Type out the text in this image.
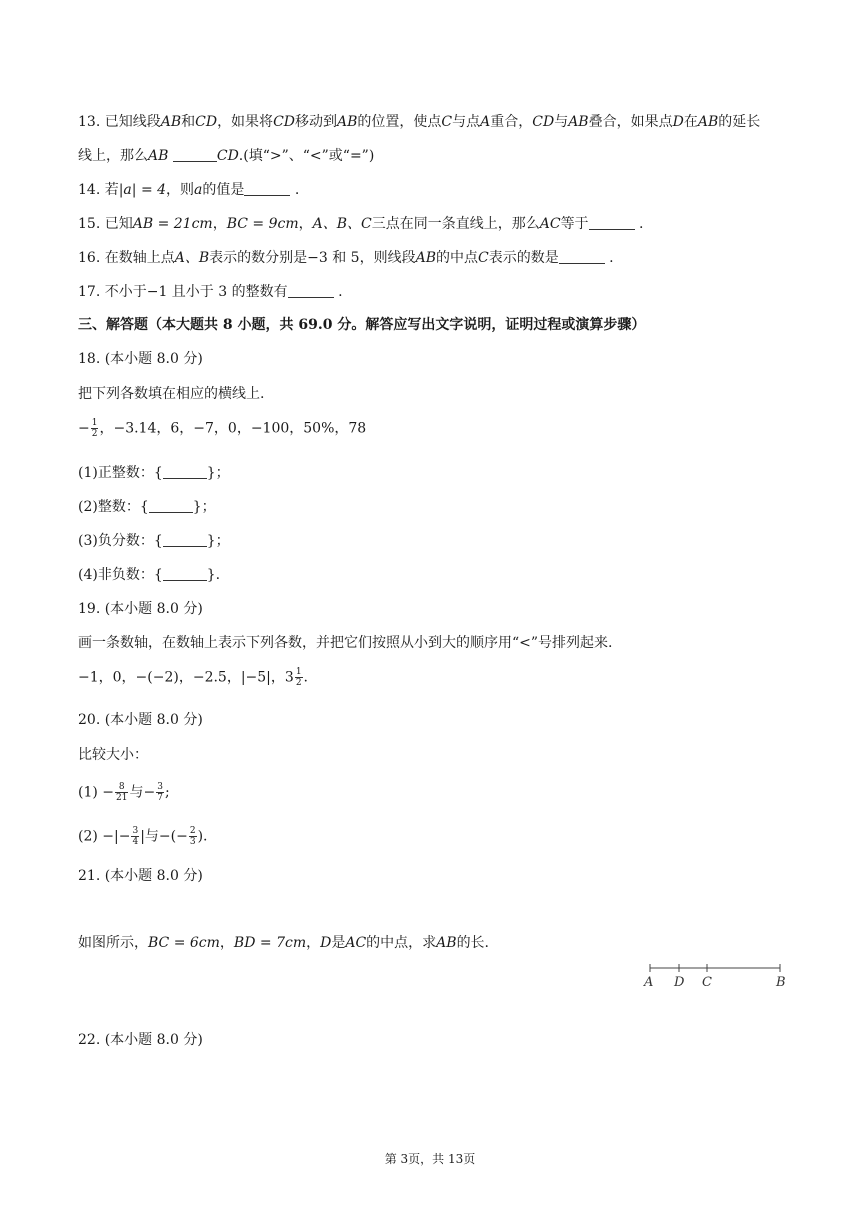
13. 已知线段AB和CD，如果将CD移动到AB的位置，使点C与点A重合，CD与AB叠合，如果点D在AB的延长
线上，那么AB	CD.(填“>”、“<”或“=”)
14. 若|a| = 4，则a的值是	.
15. 已知AB = 21cm，BC = 9cm，A、B、C三点在同一条直线上，那么AC等于	.
16. 在数轴上点A、B表示的数分别是−3 和 5，则线段AB的中点C表示的数是	.
17. 不小于−1 且小于 3 的整数有	.
三、解答题（本大题共 8 小题，共 69.0 分。解答应写出文字说明，证明过程或演算步骤）
18. (本小题 8.0 分)
把下列各数填在相应的横线上.
− $\frac{1}{2}$ ，−3.14，6，−7，0，−100，50%，78
(1)正整数：{	}；
(2)整数：{	}；
(3)负分数：{	}；
(4)非负数：{	}.
19. (本小题 8.0 分)
画一条数轴，在数轴上表示下列各数，并把它们按照从小到大的顺序用“<”号排列起来.
−1，0，−(−2)，−2.5，|−5|，$3 \frac{1}{2}$ .
20. (本小题 8.0 分)
比较大小：
$(1) - \frac{8}{21}$ 与− $\frac{3}{7}$ ;
(2) −|− $\frac{3}{4}$ |与−(− $\frac{2}{3}$ ).
21. (本小题 8.0 分)
如图所示，BC = 6cm，BD = 7cm，D是AC的中点，求AB的长.
A D C	B
22. (本小题 8.0 分)
第 3页，共 13页
